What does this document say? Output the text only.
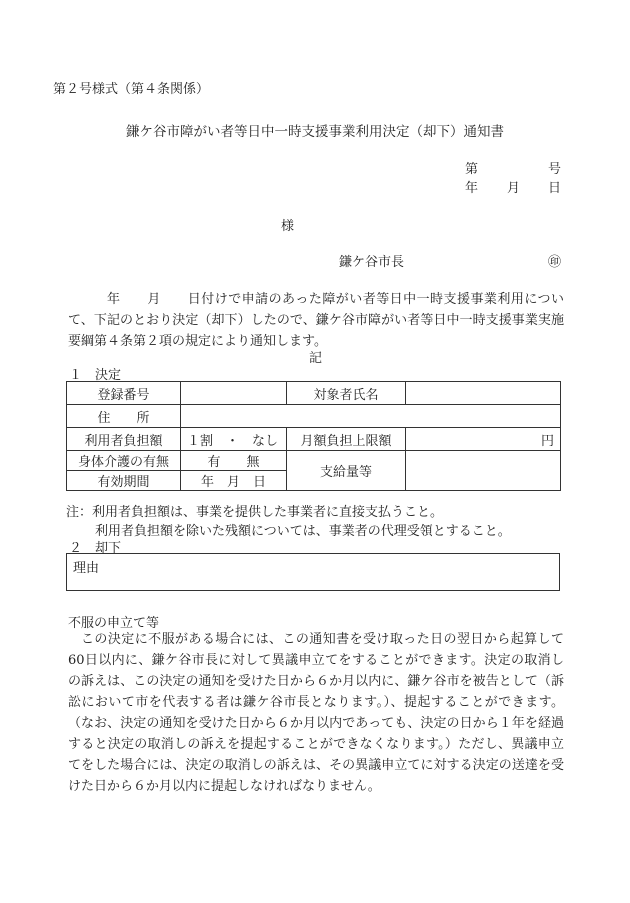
第２号様式（第４条関係）
鎌ケ谷市障がい者等日中一時支援事業利用決定（却下）通知書
第	号
年 月 日
様
鎌ケ谷市長	㊞
年　　月　　日付けで申請のあった障がい者等日中一時支援事業利用について、下記のとおり決定（却下）したので、鎌ケ谷市障がい者等日中一時支援事業実施要綱第４条第２項の規定により通知します。
記
１　決定
登録番号		対象者氏名	
住　　所			
利用者負担額	１割　・　なし	月額負担上限額	円
身体介護の有無	有　　無	支給量等	
有効期間	年　月　日		
注：利用者負担額は、事業を提供した事業者に直接支払うこと。
利用者負担額を除いた残額については、事業者の代理受領とすること。
２　却下
理由
不服の申立て等
この決定に不服がある場合には、この通知書を受け取った日の翌日から起算して60日以内に、鎌ケ谷市長に対して異議申立てをすることができます。決定の取消しの訴えは、この決定の通知を受けた日から６か月以内に、鎌ケ谷市を被告として（訴訟において市を代表する者は鎌ケ谷市長となります。）、提起することができます。（なお、決定の通知を受けた日から６か月以内であっても、決定の日から１年を経過すると決定の取消しの訴えを提起することができなくなります。）ただし、異議申立てをした場合には、決定の取消しの訴えは、その異議申立てに対する決定の送達を受けた日から６か月以内に提起しなければなりません。
